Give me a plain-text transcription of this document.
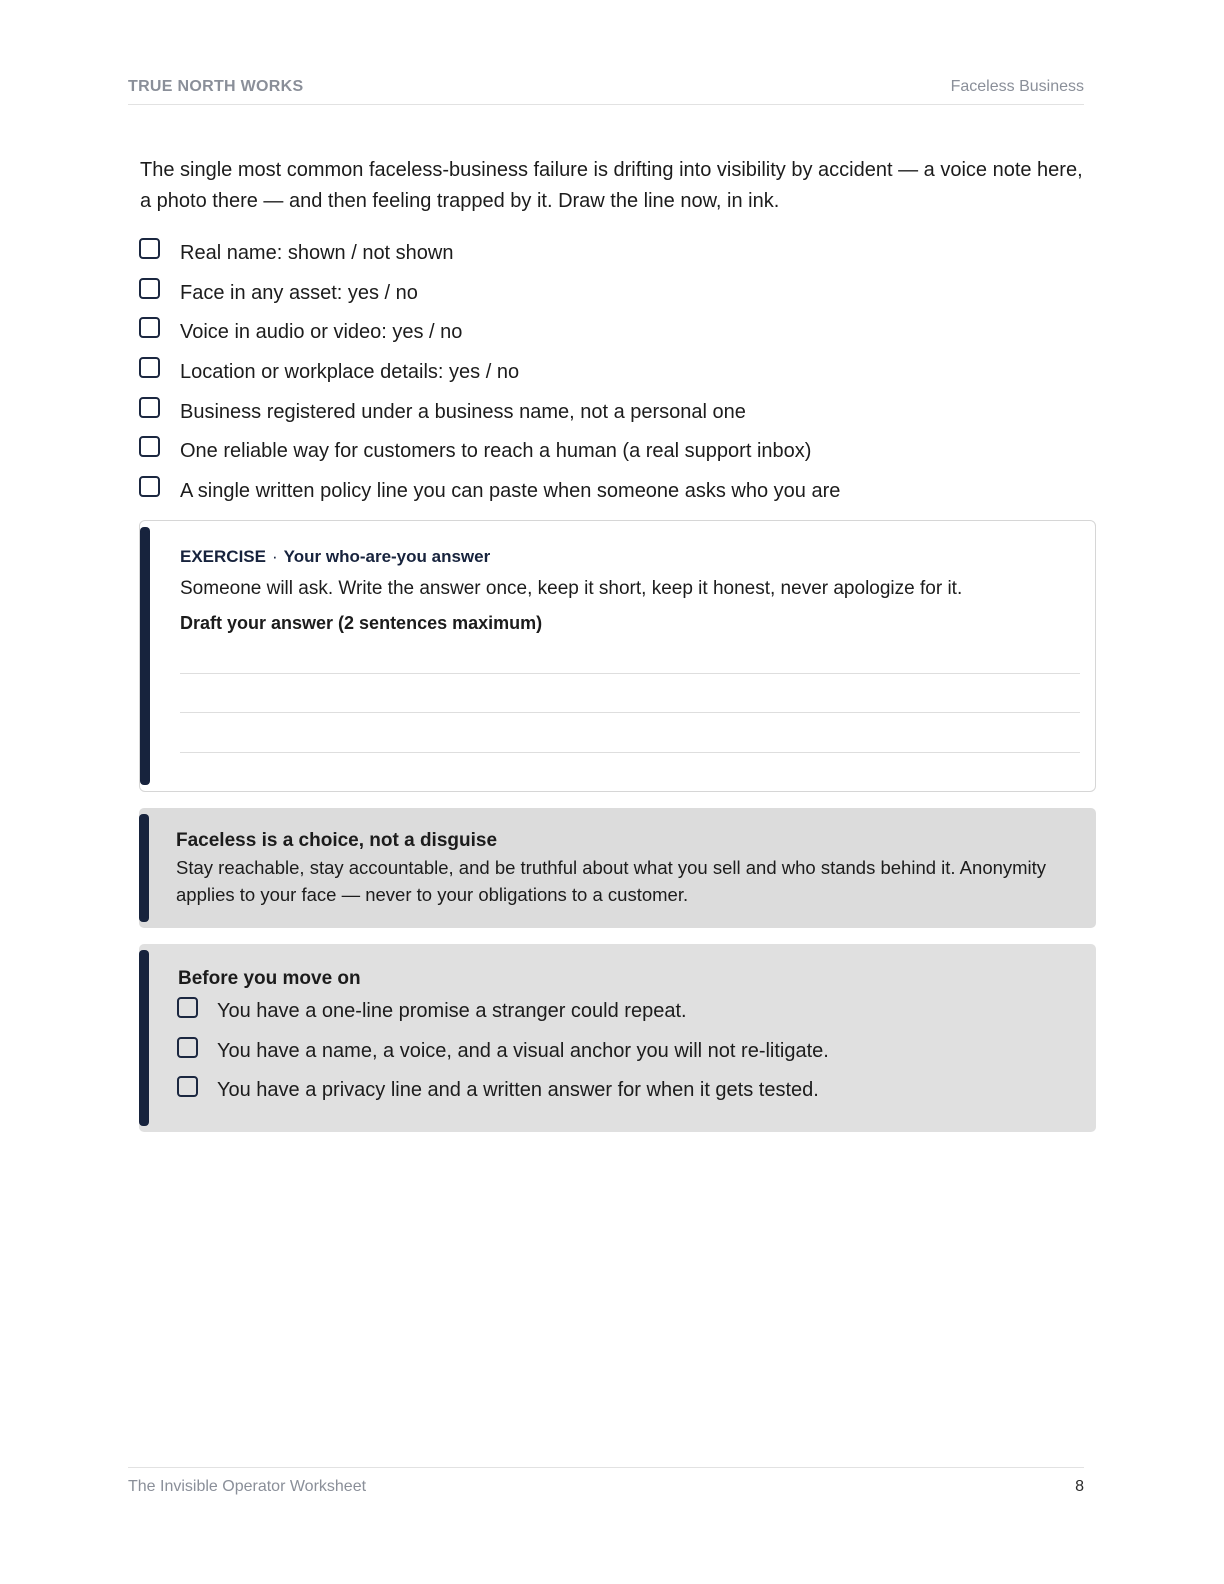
TRUE NORTH WORKS	Faceless Business

The single most common faceless-business failure is drifting into visibility by accident — a voice note here, a photo there — and then feeling trapped by it. Draw the line now, in ink.

Real name: shown / not shown
Face in any asset: yes / no
Voice in audio or video: yes / no
Location or workplace details: yes / no
Business registered under a business name, not a personal one
One reliable way for customers to reach a human (a real support inbox)
A single written policy line you can paste when someone asks who you are
EXERCISE · Your who-are-you answer
Someone will ask. Write the answer once, keep it short, keep it honest, never apologize for it.
Draft your answer (2 sentences maximum)
Faceless is a choice, not a disguise
Stay reachable, stay accountable, and be truthful about what you sell and who stands behind it. Anonymity applies to your face — never to your obligations to a customer.
Before you move on
You have a one-line promise a stranger could repeat.
You have a name, a voice, and a visual anchor you will not re-litigate.
You have a privacy line and a written answer for when it gets tested.
The Invisible Operator Worksheet	8
